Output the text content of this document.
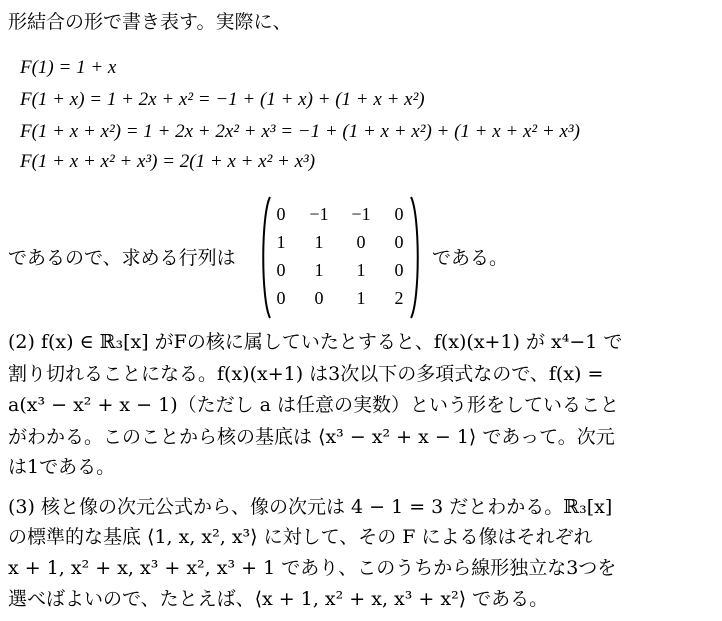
形結合の形で書き表す。実際に、
F(1) = 1 + x
F(1 + x) = 1 + 2x + x² = −1 + (1 + x) + (1 + x + x²)
F(1 + x + x²) = 1 + 2x + 2x² + x³ = −1 + (1 + x + x²) + (1 + x + x² + x³)
F(1 + x + x² + x³) = 2(1 + x + x² + x³)
であるので、求める行列は
0	−1	−1	0
1	1	0	0
0	1	1	0
0	0	1	2
である。
(2) f(x) ∈ ℝ₃[x] がFの核に属していたとすると、f(x)(x+1) が x⁴−1 で
割り切れることになる。f(x)(x+1) は3次以下の多項式なので、f(x) =
a(x³ − x² + x − 1)（ただし a は任意の実数）という形をしていること
がわかる。このことから核の基底は ⟨x³ − x² + x − 1⟩ であって。次元
は1である。
(3) 核と像の次元公式から、像の次元は 4 − 1 = 3 だとわかる。ℝ₃[x]
の標準的な基底 ⟨1, x, x², x³⟩ に対して、その F による像はそれぞれ
x + 1, x² + x, x³ + x², x³ + 1 であり、このうちから線形独立な3つを
選べばよいので、たとえば、⟨x + 1, x² + x, x³ + x²⟩ である。
